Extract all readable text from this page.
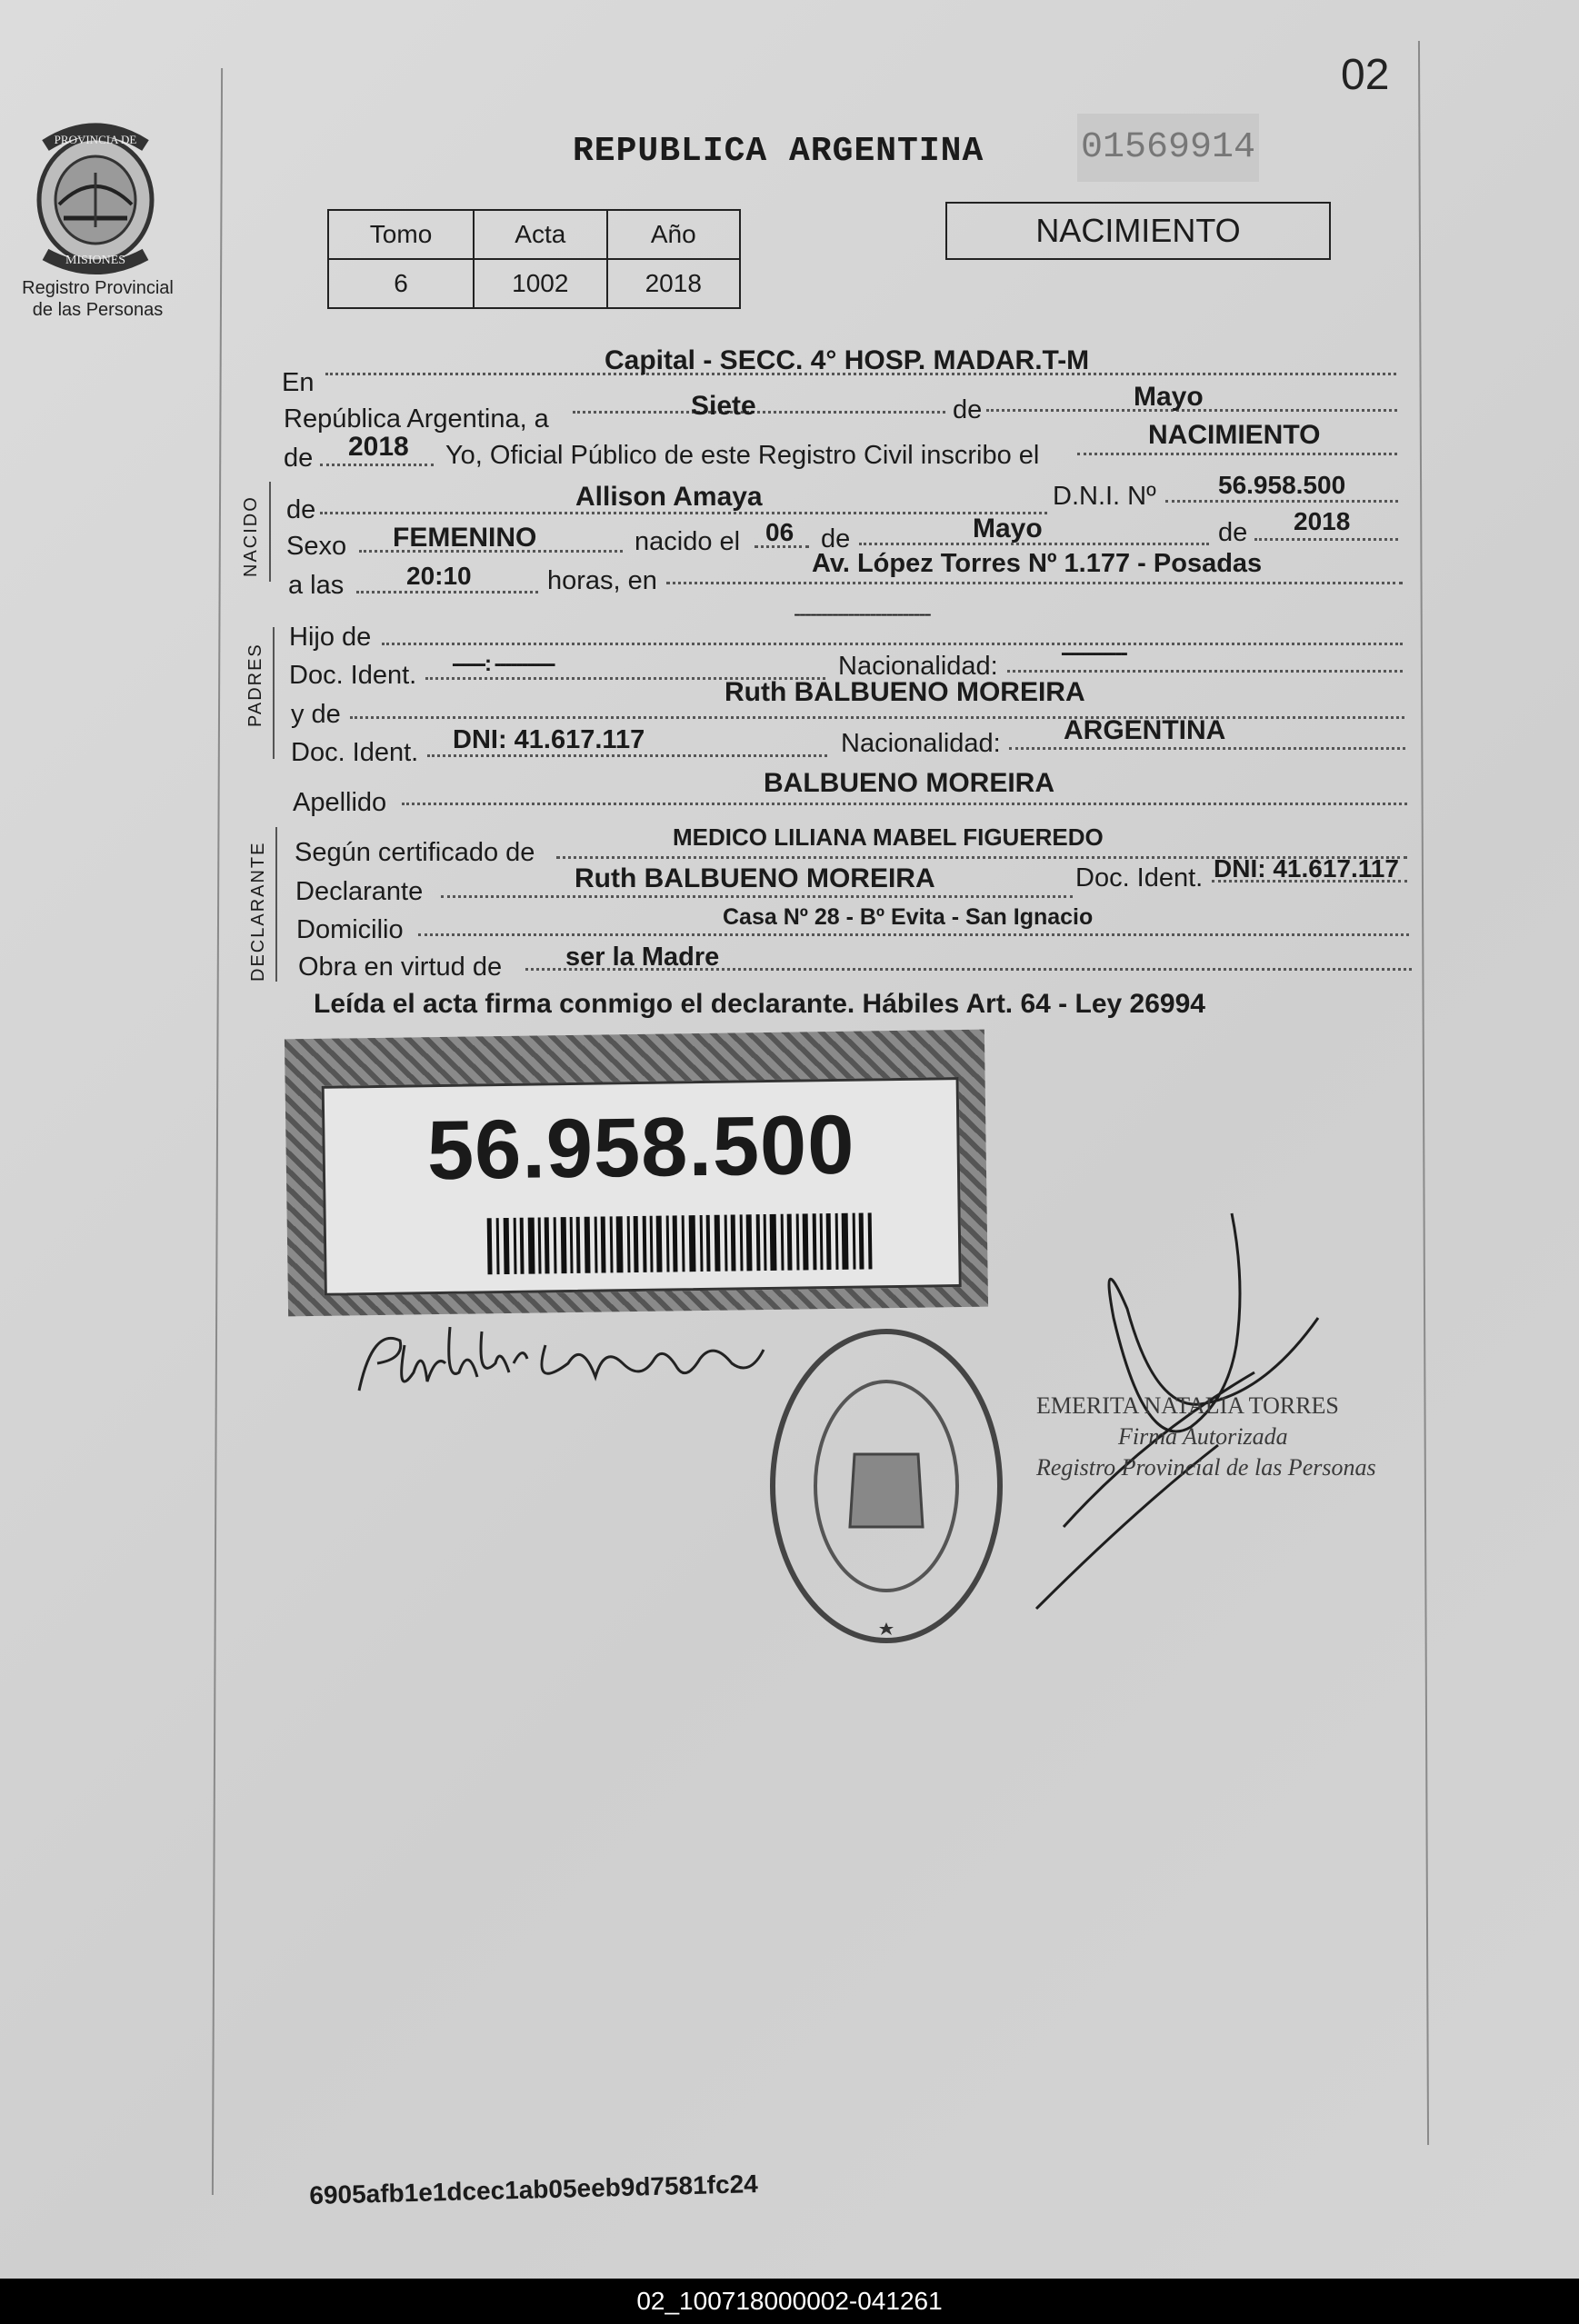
02
PROVINCIA DE
MISIONES
Registro Provincial
de las Personas
REPUBLICA ARGENTINA	01569914
Tomo	Acta	Año
6	1002	2018
NACIMIENTO
En
Capital - SECC. 4° HOSP. MADAR.T-M
República Argentina, a	Siete	de	Mayo
de 2018 Yo, Oficial Público de este Registro Civil inscribo el
NACIMIENTO
NACIDO de	Allison Amaya	D.N.I. Nº 56.958.500
Sexo FEMENINO	nacido el 06 de	Mayo	de 2018
a las 20:10	horas, en
Av. López Torres Nº 1.177 - Posadas
PADRES
Hijo de
-------------------------
Doc. Ident. ------: -----------	Nacionalidad:	------------
y de
Ruth BALBUENO MOREIRA
Doc. Ident. DNI: 41.617.117	Nacionalidad: ARGENTINA
Apellido
BALBUENO MOREIRA
DECLARANTE Según certificado de
MEDICO LILIANA MABEL FIGUEREDO
Declarante	Ruth BALBUENO MOREIRA	Doc. Ident. DNI: 41.617.117
Domicilio	Casa Nº 28 - Bº Evita - San Ignacio
Obra en virtud de ser la Madre
Leída el acta firma conmigo el declarante. Hábiles Art. 64 - Ley 26994
56.958.500
Ruth B Moreira
DELEGACION DEL REGISTRO PROVINCIAL DE LAS PERSONAS
Sección 4ta Hptal. R. Madariaga
EMERITA NATALIA TORRES
Firma Autorizada
Registro Provincial de las Personas
6905afb1e1dcec1ab05eeb9d7581fc24
02_100718000002-041261
